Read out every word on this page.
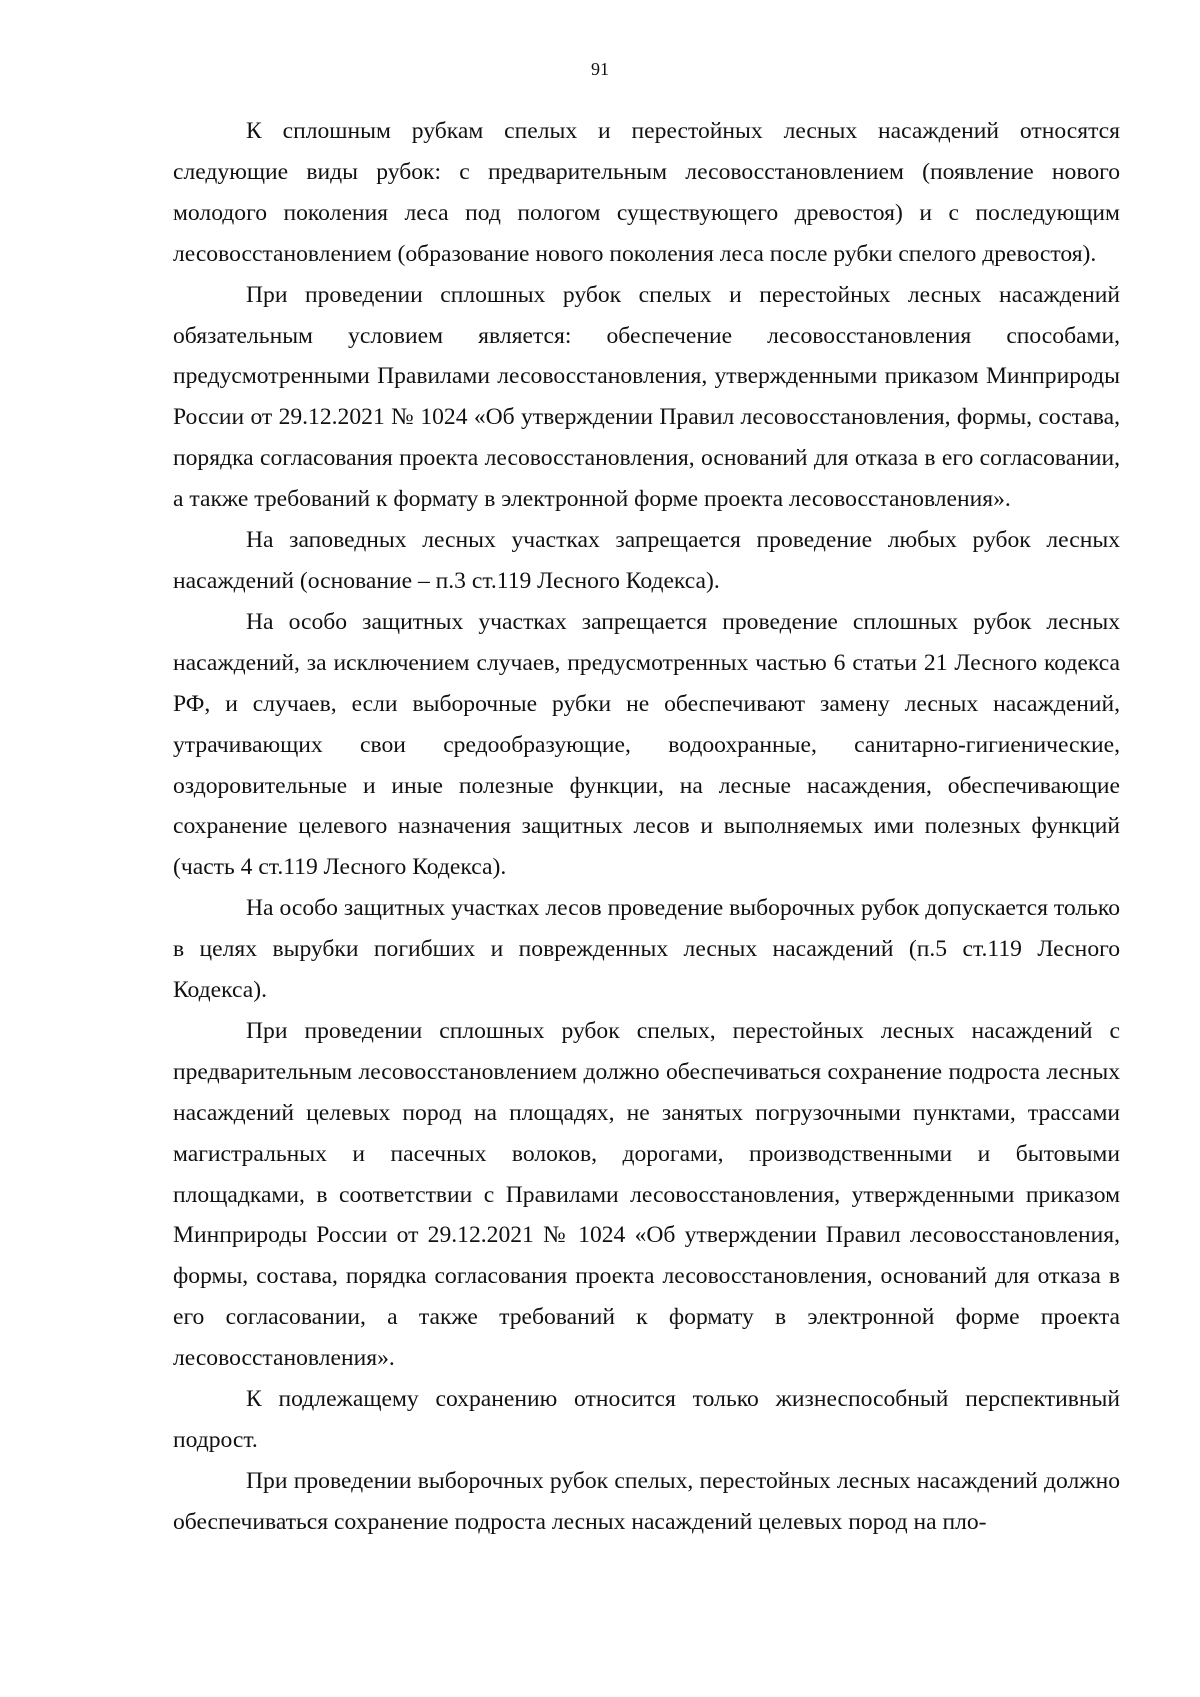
91

К сплошным рубкам спелых и перестойных лесных насаждений относятся следующие виды рубок: с предварительным лесовосстановлением (появление нового молодого поколения леса под пологом существующего древостоя) и с последующим лесовосстановлением (образование нового поколения леса после рубки спелого древостоя).

При проведении сплошных рубок спелых и перестойных лесных насаждений обязательным условием является: обеспечение лесовосстановления способами, предусмотренными Правилами лесовосстановления, утвержденными приказом Минприроды России от 29.12.2021 № 1024 «Об утверждении Правил лесовосстановления, формы, состава, порядка согласования проекта лесовосстановления, оснований для отказа в его согласовании, а также требований к формату в электронной форме проекта лесовосстановления».

На заповедных лесных участках запрещается проведение любых рубок лесных насаждений (основание – п.3 ст.119 Лесного Кодекса).

На особо защитных участках запрещается проведение сплошных рубок лесных насаждений, за исключением случаев, предусмотренных частью 6 статьи 21 Лесного кодекса РФ, и случаев, если выборочные рубки не обеспечивают замену лесных насаждений, утрачивающих свои средообразующие, водоохранные, санитарно-гигиенические, оздоровительные и иные полезные функции, на лесные насаждения, обеспечивающие сохранение целевого назначения защитных лесов и выполняемых ими полезных функций (часть 4 ст.119 Лесного Кодекса).

На особо защитных участках лесов проведение выборочных рубок допускается только в целях вырубки погибших и поврежденных лесных насаждений (п.5 ст.119 Лесного Кодекса).

При проведении сплошных рубок спелых, перестойных лесных насаждений с предварительным лесовосстановлением должно обеспечиваться сохранение подроста лесных насаждений целевых пород на площадях, не занятых погрузочными пунктами, трассами магистральных и пасечных волоков, дорогами, производственными и бытовыми площадками, в соответствии с Правилами лесовосстановления, утвержденными приказом Минприроды России от 29.12.2021 № 1024 «Об утверждении Правил лесовосстановления, формы, состава, порядка согласования проекта лесовосстановления, оснований для отказа в его согласовании, а также требований к формату в электронной форме проекта лесовосстановления».

К подлежащему сохранению относится только жизнеспособный перспективный подрост.

При проведении выборочных рубок спелых, перестойных лесных насаждений должно обеспечиваться сохранение подроста лесных насаждений целевых пород на пло-
